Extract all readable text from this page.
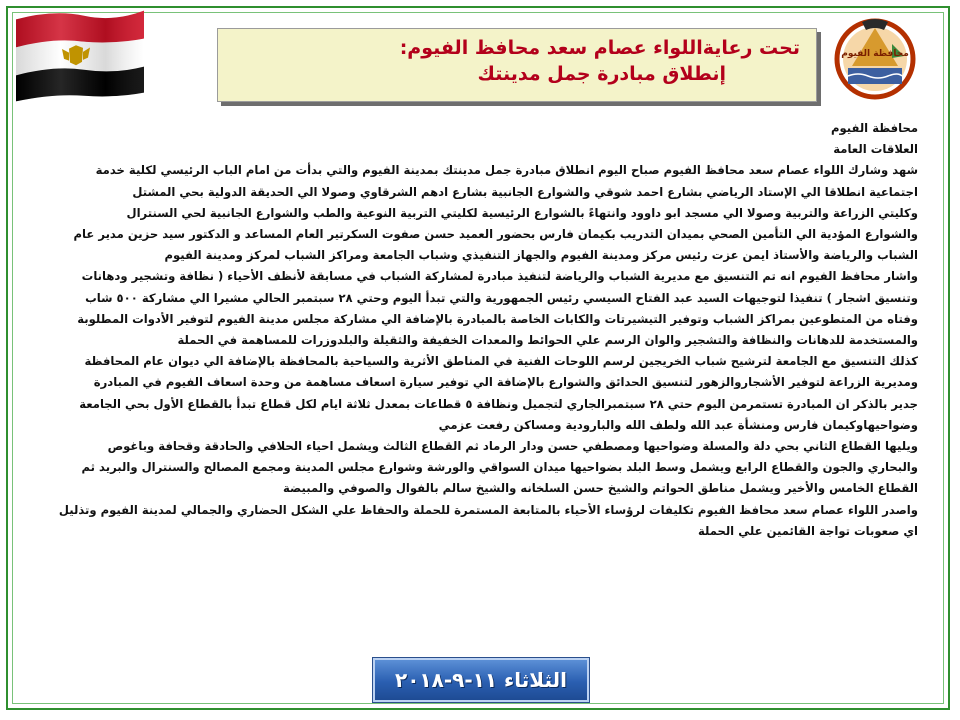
محافظة الفيوم
تحت رعايةاللواء عصام سعد محافظ الفيوم:
إنطلاق مبادرة جمل مدينتك
محافظة الفيوم
العلاقات العامة
شهد وشارك اللواء عصام سعد محافظ الفيوم صباح اليوم انطلاق مبادرة جمل مدينتك بمدينة الفيوم والتي بدأت من امام الباب الرئيسي لكلية خدمة
اجتماعية انطلاقا الي الإستاد الرياضي بشارع احمد شوقي والشوارع الجانبية بشارع ادهم الشرقاوي وصولا الي الحديقة الدولية بحي المشتل
وكليتي الزراعة والتربية وصولا الي مسجد ابو داوود وانتهاءً بالشوارع الرئيسية لكليتي التربية النوعية والطب والشوارع الجانبية لحي السنترال
والشوارع المؤدية الي التأمين الصحي بميدان التدريب بكيمان فارس بحضور العميد حسن صفوت السكرتير العام المساعد و الدكتور سيد حزين مدير عام
الشباب والرياضة والأستاذ ايمن عزت رئيس مركز ومدينة الفيوم والجهاز التنفيذي وشباب الجامعة ومراكز الشباب لمركز ومدينة الفيوم
واشار محافظ الفيوم انه تم التنسيق مع مديرية الشباب والرياضة لتنفيذ مبادرة لمشاركة الشباب في مسابقة لأنظف الأحياء ( نظافة وتشجير ودهانات
وتنسيق اشجار ) تنفيذا لتوجيهات السيد عبد الفتاح السيسي رئيس الجمهورية والتي تبدأ اليوم وحتي ٢٨ سبتمبر الحالي مشيرا الي مشاركة ٥٠٠ شاب
وفتاه من المتطوعين بمراكز الشباب وتوفير التيشيرتات والكابات الخاصة بالمبادرة بالإضافة الي مشاركة مجلس مدينة الفيوم لتوفير الأدوات المطلوبة
والمستخدمة للدهانات والنظافة والتشجير والوان الرسم علي الحوائط والمعدات الخفيفة والثقيلة والبلدوزرات للمساهمة في الحملة
كذلك التنسيق مع الجامعة لترشيح شباب الخريجين لرسم اللوحات الفنية في المناطق الأثرية والسياحية بالمحافظة بالإضافة الي ديوان عام المحافظة
ومديرية الزراعة لتوفير الأشجاروالزهور لتنسيق الحدائق والشوارع بالإضافة الي توفير سيارة اسعاف مساهمة من وحدة اسعاف الفيوم في المبادرة
جدير بالذكر ان المبادرة تستمرمن اليوم حتي ٢٨ سبتمبرالجاري لتجميل ونظافة ٥ قطاعات بمعدل ثلاثة ايام لكل قطاع تبدأ بالقطاع الأول بحي الجامعة
وضواحيهاوكيمان فارس ومنشأة عبد الله ولطف الله والبارودية ومساكن رفعت عزمي
ويليها القطاع الثاني بحي دلة والمسلة وضواحيها ومصطفي حسن ودار الرماد ثم القطاع الثالث ويشمل احياء الحلافي والحادقة وقحافة وباغوص
والبحاري والجون والقطاع الرابع ويشمل وسط البلد بضواحيها ميدان السواقي والورشة وشوارع مجلس المدينة ومجمع المصالح والسنترال والبريد ثم
القطاع الخامس والأخير ويشمل مناطق الحواتم والشيخ حسن السلخانه والشيخ سالم بالفوال والصوفي والمبيضة
واصدر اللواء عصام سعد محافظ الفيوم تكليفات لرؤساء الأحياء بالمتابعة المستمرة للحملة والحفاظ علي الشكل الحضاري والجمالي لمدينة الفيوم وتذليل
اي صعوبات تواجة القائمين علي الحملة
الثلاثاء ١١-٩-٢٠١٨
